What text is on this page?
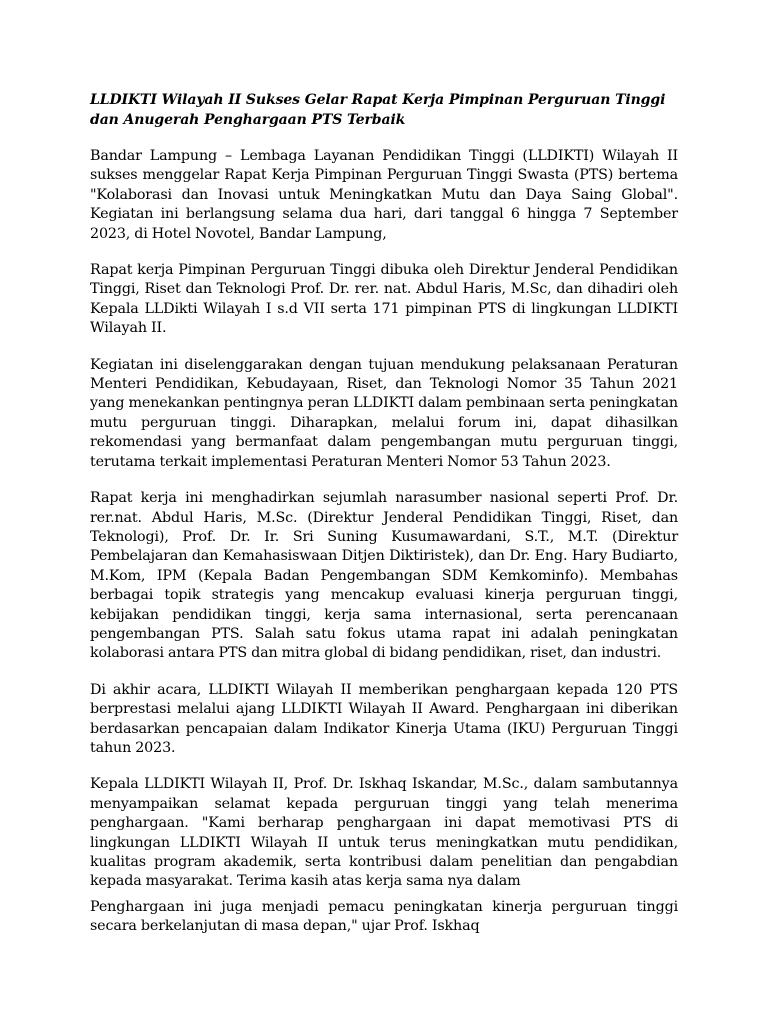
LLDIKTI Wilayah II Sukses Gelar Rapat Kerja Pimpinan Perguruan Tinggi dan Anugerah Penghargaan PTS Terbaik

Bandar Lampung – Lembaga Layanan Pendidikan Tinggi (LLDIKTI) Wilayah II sukses menggelar Rapat Kerja Pimpinan Perguruan Tinggi Swasta (PTS) bertema "Kolaborasi dan Inovasi untuk Meningkatkan Mutu dan Daya Saing Global". Kegiatan ini berlangsung selama dua hari, dari tanggal 6 hingga 7 September 2023, di Hotel Novotel, Bandar Lampung,

Rapat kerja Pimpinan Perguruan Tinggi dibuka oleh Direktur Jenderal Pendidikan Tinggi, Riset dan Teknologi Prof. Dr. rer. nat. Abdul Haris, M.Sc, dan dihadiri oleh Kepala LLDikti Wilayah I s.d VII serta 171 pimpinan PTS di lingkungan LLDIKTI Wilayah II.

Kegiatan ini diselenggarakan dengan tujuan mendukung pelaksanaan Peraturan Menteri Pendidikan, Kebudayaan, Riset, dan Teknologi Nomor 35 Tahun 2021 yang menekankan pentingnya peran LLDIKTI dalam pembinaan serta peningkatan mutu perguruan tinggi. Diharapkan, melalui forum ini, dapat dihasilkan rekomendasi yang bermanfaat dalam pengembangan mutu perguruan tinggi, terutama terkait implementasi Peraturan Menteri Nomor 53 Tahun 2023.

Rapat kerja ini menghadirkan sejumlah narasumber nasional seperti Prof. Dr. rer.nat. Abdul Haris, M.Sc. (Direktur Jenderal Pendidikan Tinggi, Riset, dan Teknologi), Prof. Dr. Ir. Sri Suning Kusumawardani, S.T., M.T. (Direktur Pembelajaran dan Kemahasiswaan Ditjen Diktiristek), dan Dr. Eng. Hary Budiarto, M.Kom, IPM (Kepala Badan Pengembangan SDM Kemkominfo). Membahas berbagai topik strategis yang mencakup evaluasi kinerja perguruan tinggi, kebijakan pendidikan tinggi, kerja sama internasional, serta perencanaan pengembangan PTS. Salah satu fokus utama rapat ini adalah peningkatan kolaborasi antara PTS dan mitra global di bidang pendidikan, riset, dan industri.

Di akhir acara, LLDIKTI Wilayah II memberikan penghargaan kepada 120 PTS berprestasi melalui ajang LLDIKTI Wilayah II Award. Penghargaan ini diberikan berdasarkan pencapaian dalam Indikator Kinerja Utama (IKU) Perguruan Tinggi tahun 2023.

Kepala LLDIKTI Wilayah II, Prof. Dr. Iskhaq Iskandar, M.Sc., dalam sambutannya menyampaikan selamat kepada perguruan tinggi yang telah menerima penghargaan. "Kami berharap penghargaan ini dapat memotivasi PTS di lingkungan LLDIKTI Wilayah II untuk terus meningkatkan mutu pendidikan, kualitas program akademik, serta kontribusi dalam penelitian dan pengabdian kepada masyarakat. Terima kasih atas kerja sama nya dalam

Penghargaan ini juga menjadi pemacu peningkatan kinerja perguruan tinggi secara berkelanjutan di masa depan," ujar Prof. Iskhaq
